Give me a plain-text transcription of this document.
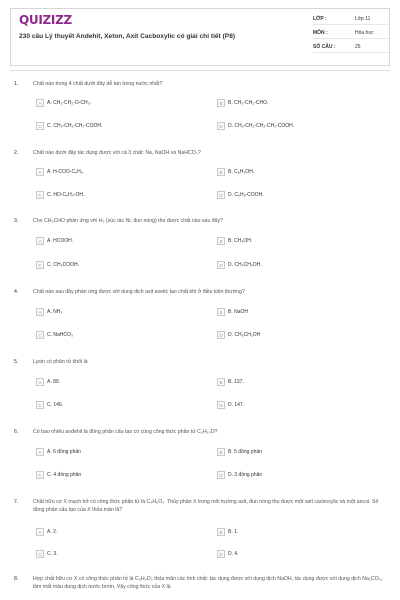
QUIZIZZ
230 câu Lý thuyết Andehit, Xeton, Axit Cacboxylic có giải chi tiết (P8)
LỚP :	Lớp 11
MÔN :	Hóa học
SỐ CÂU :	25
1.	Chất nào trong 4 chất dưới đây dễ tan trong nước nhất?
A	A. CH₃-CH₂-O-CH₃.	B	B. CH₃-CH₂-CHO.
C	C. CH₃-CH₂-CH₂-COOH.	D	D. CH₃-CH₂-CH₂-CH₂-COOH.
2.	Chất nào dưới đây tác dụng được với cả 3 chất: Na, NaOH và NaHCO₃?
A	A. H-COO-C₆H₅.	B	B. C₆H₅OH.
C	C. HO-C₆H₄-OH.	D	D. C₆H₅-COOH.
3.	Cho CH₃CHO phản ứng với H₂ (xúc tác Ni, đun nóng) thu được chất nào sau đây?
A	A. HCOOH.	B	B. CH₃OH.
C	C. CH₃COOH.	D	D. CH₃CH₂OH.
4.	Chất nào sau đây phản ứng được với dung dịch axit axetic tạo chất khí ở điều kiện thường?
A	A. NH₃	B	B. NaOH
C	C. NaHCO₃	D	D. CH₃CH₂OH
5.	Lysin có phân tử khối là
A	A. 89.	B	B. 137.
C	C. 146.	D	D. 147.
6.	Có bao nhiêu anđehit là đồng phân cấu tạo có cùng công thức phân tử C₅H₁₀O?
A	A. 6 đồng phân	B	B. 5 đồng phân
C	C. 4 đồng phân	D	D. 3 đồng phân
7.	Chất hữu cơ X mạch hở có công thức phân tử là C₄H₆O₂. Thủy phân X trong môi trường axit, đun nóng thu được một axit cacboxylic và một ancol. Số đồng phân cấu tạo của X thỏa mãn là?
A	A. 2.	B	B. 1.
C	C. 3.	D	D. 4.
8.	Hợp chất hữu cơ X có công thức phân tử là C₃H₄O₂ thỏa mãn các tính chất: tác dụng được với dung dịch NaOH, tác dụng được với dung dịch Na₂CO₃, làm mất màu dung dịch nước brom. Vậy công thức của X là
